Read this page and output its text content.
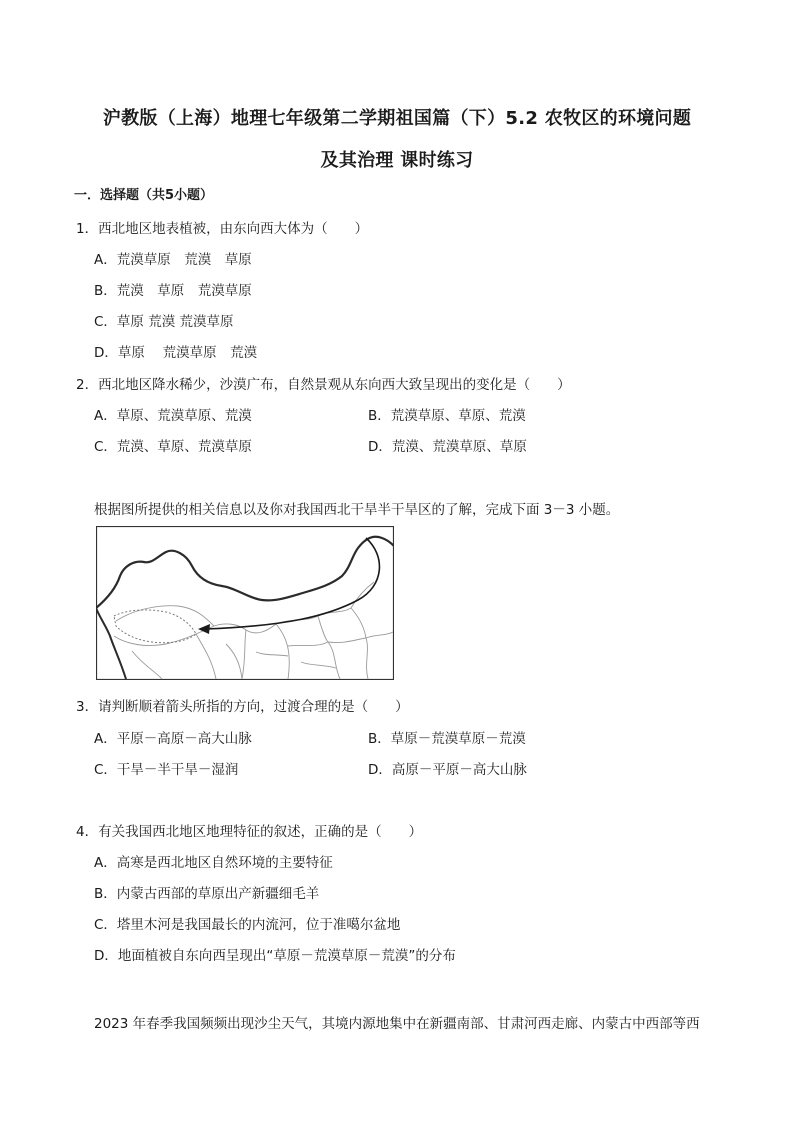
沪教版（上海）地理七年级第二学期祖国篇（下）5.2 农牧区的环境问题
及其治理 课时练习
一．选择题（共5小题）
1．西北地区地表植被，由东向西大体为（　　）
A．荒漠草原　荒漠　草原
B．荒漠　草原　荒漠草原
C．草原 荒漠 荒漠草原
D．草原　 荒漠草原　荒漠
2．西北地区降水稀少，沙漠广布，自然景观从东向西大致呈现出的变化是（　　）
A．草原、荒漠草原、荒漠	B．荒漠草原、草原、荒漠
C．荒漠、草原、荒漠草原	D．荒漠、荒漠草原、草原
根据图所提供的相关信息以及你对我国西北干旱半干旱区的了解，完成下面 3－3 小题。
3．请判断顺着箭头所指的方向，过渡合理的是（　　）
A．平原－高原－高大山脉	B．草原－荒漠草原－荒漠
C．干旱－半干旱－湿润	D．高原－平原－高大山脉
4．有关我国西北地区地理特征的叙述，正确的是（　　）
A．高寒是西北地区自然环境的主要特征
B．内蒙古西部的草原出产新疆细毛羊
C．塔里木河是我国最长的内流河，位于准噶尔盆地
D．地面植被自东向西呈现出“草原－荒漠草原－荒漠”的分布
2023 年春季我国频频出现沙尘天气，其境内源地集中在新疆南部、甘肃河西走廊、内蒙古中西部等西
